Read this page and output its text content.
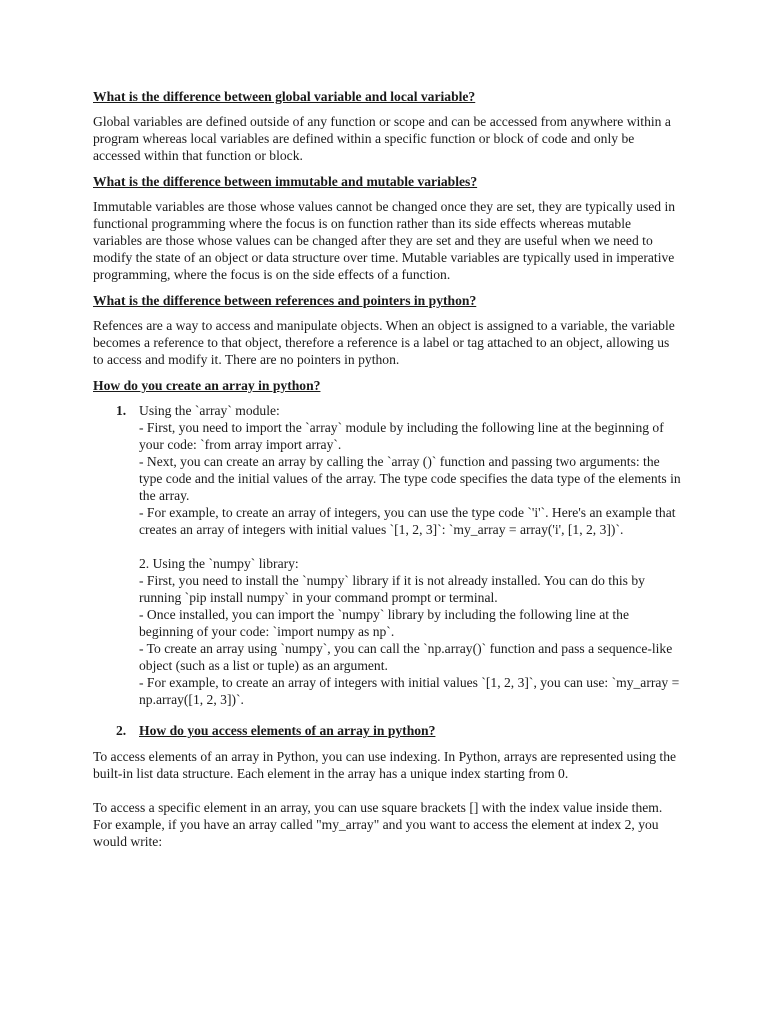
What is the difference between global variable and local variable?
Global variables are defined outside of any function or scope and can be accessed from anywhere within a program whereas local variables are defined within a specific function or block of code and only be accessed within that function or block.
What is the difference between immutable and mutable variables?
Immutable variables are those whose values cannot be changed once they are set, they are typically used in functional programming where the focus is on function rather than its side effects whereas mutable variables are those whose values can be changed after they are set and they are useful when we need to modify the state of an object or data structure over time. Mutable variables are typically used in imperative programming, where the focus is on the side effects of a function.
What is the difference between references and pointers in python?
Refences are a way to access and manipulate objects. When an object is assigned to a variable, the variable becomes a reference to that object, therefore a reference is a label or tag attached to an object, allowing us to access and modify it. There are no pointers in python.
How do you create an array in python?
1. Using the `array` module:
- First, you need to import the `array` module by including the following line at the beginning of your code: `from array import array`.
- Next, you can create an array by calling the `array ()` function and passing two arguments: the type code and the initial values of the array. The type code specifies the data type of the elements in the array.
- For example, to create an array of integers, you can use the type code `'i'`. Here's an example that creates an array of integers with initial values `[1, 2, 3]`: `my_array = array('i', [1, 2, 3])`.
2. Using the `numpy` library:
- First, you need to install the `numpy` library if it is not already installed. You can do this by running `pip install numpy` in your command prompt or terminal.
- Once installed, you can import the `numpy` library by including the following line at the beginning of your code: `import numpy as np`.
- To create an array using `numpy`, you can call the `np.array()` function and pass a sequence-like object (such as a list or tuple) as an argument.
- For example, to create an array of integers with initial values `[1, 2, 3]`, you can use: `my_array = np.array([1, 2, 3])`.
2. How do you access elements of an array in python?
To access elements of an array in Python, you can use indexing. In Python, arrays are represented using the built-in list data structure. Each element in the array has a unique index starting from 0.
To access a specific element in an array, you can use square brackets [] with the index value inside them. For example, if you have an array called "my_array" and you want to access the element at index 2, you would write:
